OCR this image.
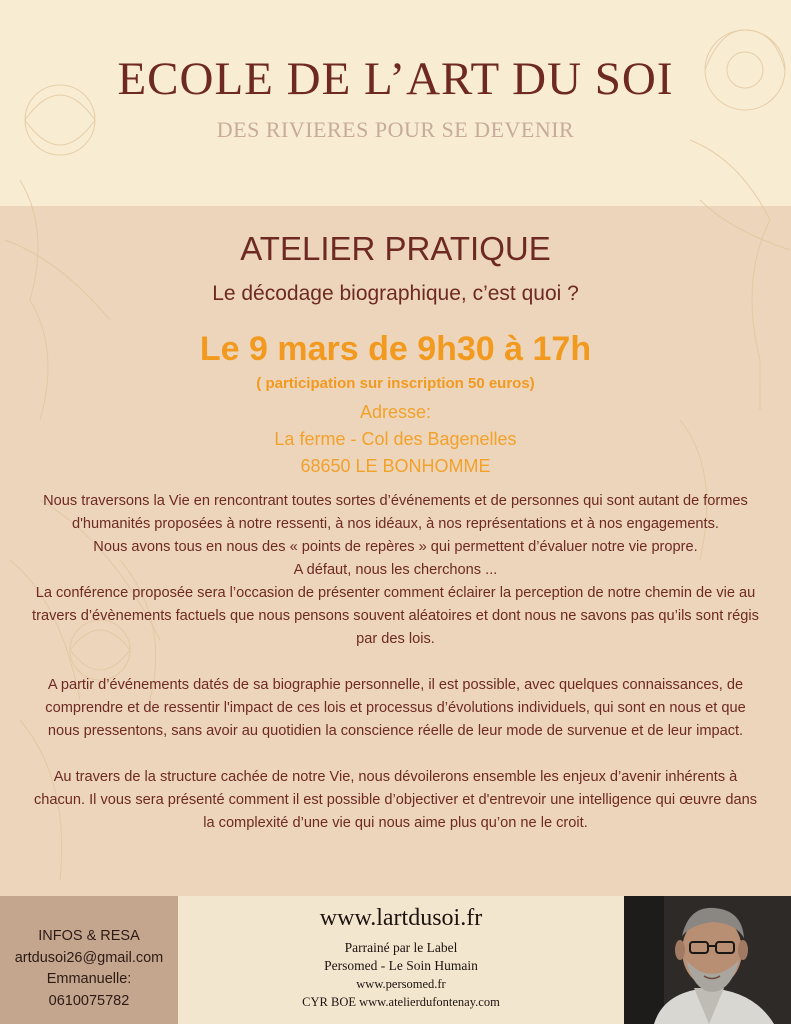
ECOLE DE L’ART DU SOI
DES RIVIERES POUR SE DEVENIR
ATELIER PRATIQUE
Le décodage biographique, c’est quoi ?
Le 9 mars de 9h30 à 17h
( participation sur inscription 50 euros)
Adresse:
La ferme - Col des Bagenelles
68650 LE BONHOMME

Nous traversons la Vie en rencontrant toutes sortes d’événements et de personnes qui sont autant de formes d'humanités proposées à notre ressenti, à nos idéaux, à nos représentations et à nos engagements.

Nous avons tous en nous des « points de repères » qui permettent d’évaluer notre vie propre.

A défaut, nous les cherchons ...

La conférence proposée sera l’occasion de présenter comment éclairer la perception de notre chemin de vie au travers d’évènements factuels que nous pensons souvent aléatoires et dont nous ne savons pas qu’ils sont régis par des lois.

A partir d’événements datés de sa biographie personnelle, il est possible, avec quelques connaissances, de comprendre et de ressentir l'impact de ces lois et processus d’évolutions individuels, qui sont en nous et que nous pressentons, sans avoir au quotidien la conscience réelle de leur mode de survenue et de leur impact.

Au travers de la structure cachée de notre Vie, nous dévoilerons ensemble les enjeux d’avenir inhérents à chacun. Il vous sera présenté comment il est possible d’objectiver et d'entrevoir une intelligence qui œuvre dans la complexité d’une vie qui nous aime plus qu’on ne le croit.

INFOS & RESA
artdusoi26@gmail.com
Emmanuelle:
0610075782
www.lartdusoi.fr
Parrainé par le Label
Persomed - Le Soin Humain
www.persomed.fr
CYR BOE www.atelierdufontenay.com
